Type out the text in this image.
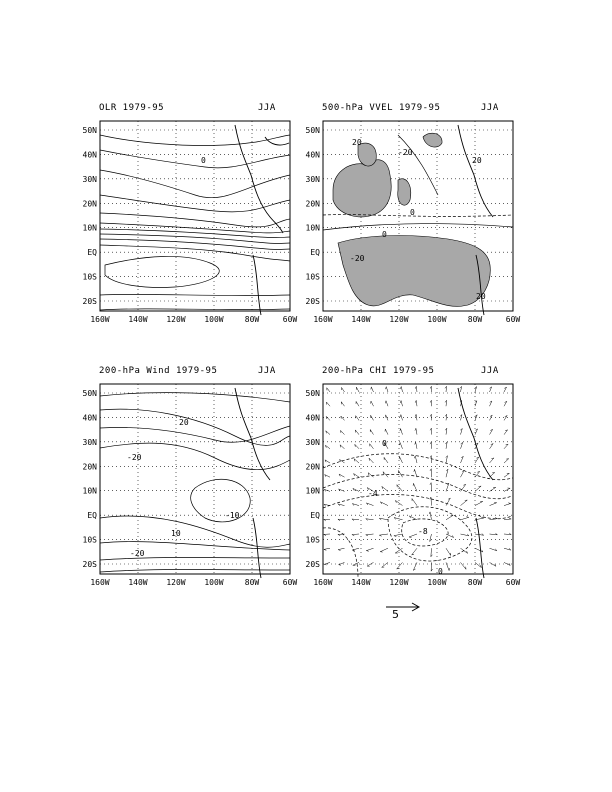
OLR 1979-95	JJA
160W 140W 120W 100W	80W	60W
50N
40N
30N
20N
10N
EQ
10S
20S
0
500-hPa VVEL 1979-95	JJA
160W 140W 120W 100W	80W	60W
50N
40N
30N
20N
10N
EQ
10S
20S
20
0
-20
20
0
-20
20
200-hPa Wind 1979-95	JJA
160W 140W 120W 100W	80W	60W
50N
40N
30N
20N
10N
EQ
10S
20S
20
-20
-10
10
-20
200-hPa CHI 1979-95	JJA
160W 140W 120W 100W	80W	60W
50N
40N
30N
20N
10N
EQ
10S
20S
0
-4
-8
0
5
